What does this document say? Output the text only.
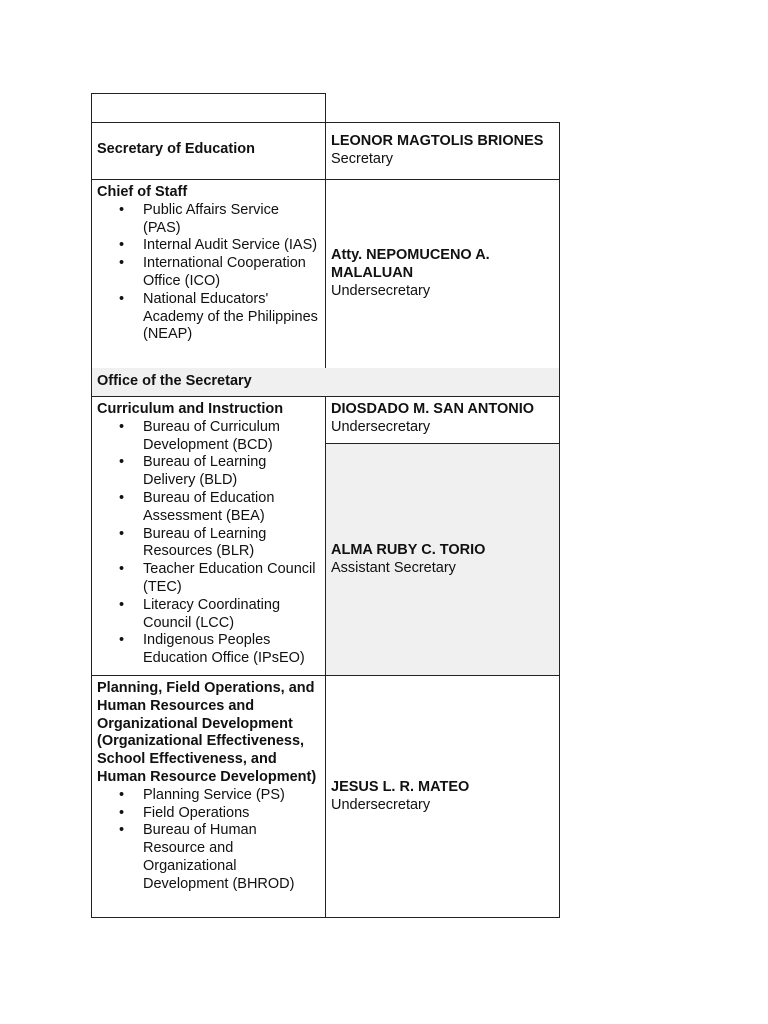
Secretary of Education	LEONOR MAGTOLIS BRIONES
Secretary
Chief of Staff
• Public Affairs Service (PAS)
• Internal Audit Service (IAS)
• International Cooperation Office (ICO)
• National Educators' Academy of the Philippines (NEAP)
Atty. NEPOMUCENO A. MALALUAN
Undersecretary
Office of the Secretary
Curriculum and Instruction
• Bureau of Curriculum Development (BCD)
• Bureau of Learning Delivery (BLD)
• Bureau of Education Assessment (BEA)
• Bureau of Learning Resources (BLR)
• Teacher Education Council (TEC)
• Literacy Coordinating Council (LCC)
• Indigenous Peoples Education Office (IPsEO)
DIOSDADO M. SAN ANTONIO
Undersecretary
ALMA RUBY C. TORIO
Assistant Secretary
Planning, Field Operations, and Human Resources and Organizational Development (Organizational Effectiveness, School Effectiveness, and Human Resource Development)
• Planning Service (PS)
• Field Operations
• Bureau of Human Resource and Organizational Development (BHROD)
JESUS L. R. MATEO
Undersecretary
